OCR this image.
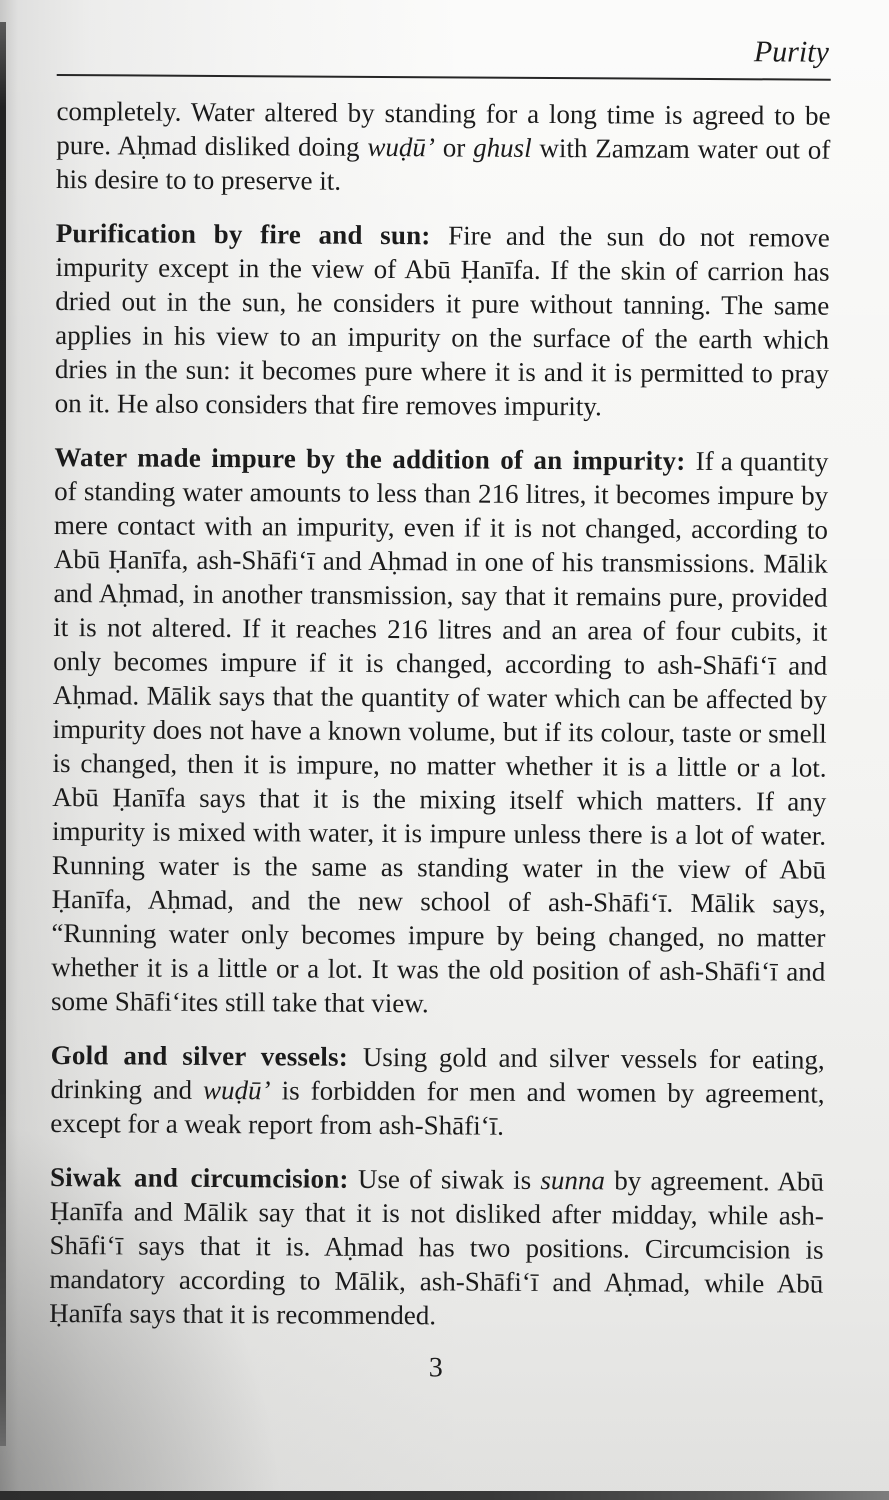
Purity

completely. Water altered by standing for a long time is agreed to be pure. Aḥmad disliked doing wuḍū’ or ghusl with Zamzam water out of his desire to to preserve it.

Purification by fire and sun: Fire and the sun do not remove impurity except in the view of Abū Ḥanīfa. If the skin of carrion has dried out in the sun, he considers it pure without tanning. The same applies in his view to an impurity on the surface of the earth which dries in the sun: it becomes pure where it is and it is permitted to pray on it. He also considers that fire removes impurity.

Water made impure by the addition of an impurity: If a quantity of standing water amounts to less than 216 litres, it becomes impure by mere contact with an impurity, even if it is not changed, according to Abū Ḥanīfa, ash-Shāfi‘ī and Aḥmad in one of his transmissions. Mālik and Aḥmad, in another transmission, say that it remains pure, provided it is not altered. If it reaches 216 litres and an area of four cubits, it only becomes impure if it is changed, according to ash-Shāfi‘ī and Aḥmad. Mālik says that the quantity of water which can be affected by impurity does not have a known volume, but if its colour, taste or smell is changed, then it is impure, no matter whether it is a little or a lot. Abū Ḥanīfa says that it is the mixing itself which matters. If any impurity is mixed with water, it is impure unless there is a lot of water. Running water is the same as standing water in the view of Abū Ḥanīfa, Aḥmad, and the new school of ash-Shāfi‘ī. Mālik says, “Running water only becomes impure by being changed, no matter whether it is a little or a lot. It was the old position of ash-Shāfi‘ī and some Shāfi‘ites still take that view.

Gold and silver vessels: Using gold and silver vessels for eating, drinking and wuḍū’ is forbidden for men and women by agreement, except for a weak report from ash-Shāfi‘ī.

Siwak and circumcision: Use of siwak is sunna by agreement. Abū Ḥanīfa and Mālik say that it is not disliked after midday, while ash-Shāfi‘ī says that it is. Aḥmad has two positions. Circumcision is mandatory according to Mālik, ash-Shāfi‘ī and Aḥmad, while Abū Ḥanīfa says that it is recommended.

3
